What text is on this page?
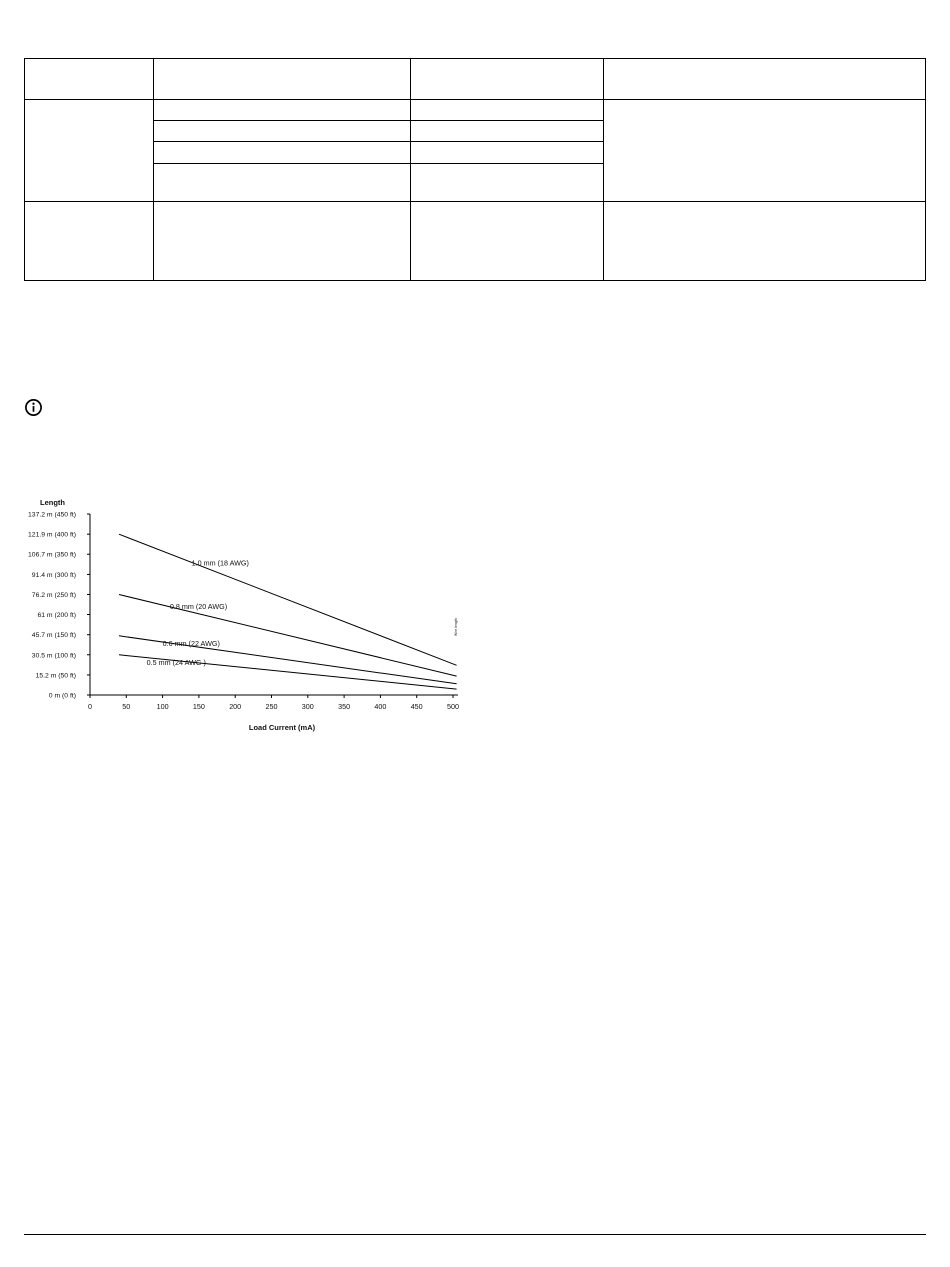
Length
Load Current (mA)
Wire length
0	50	100	150	200	250	300	350	400	450	500
0 m (0 ft)
15.2 m (50 ft)
30.5 m (100 ft)
45.7 m (150 ft)
61 m (200 ft)
76.2 m (250 ft)
91.4 m (300 ft)
106.7 m (350 ft)
121.9 m (400 ft)
137.2 m (450 ft)
1.0 mm (18 AWG)
0.8 mm (20 AWG)
0.6 mm (22 AWG)
0.5 mm (24 AWG )
